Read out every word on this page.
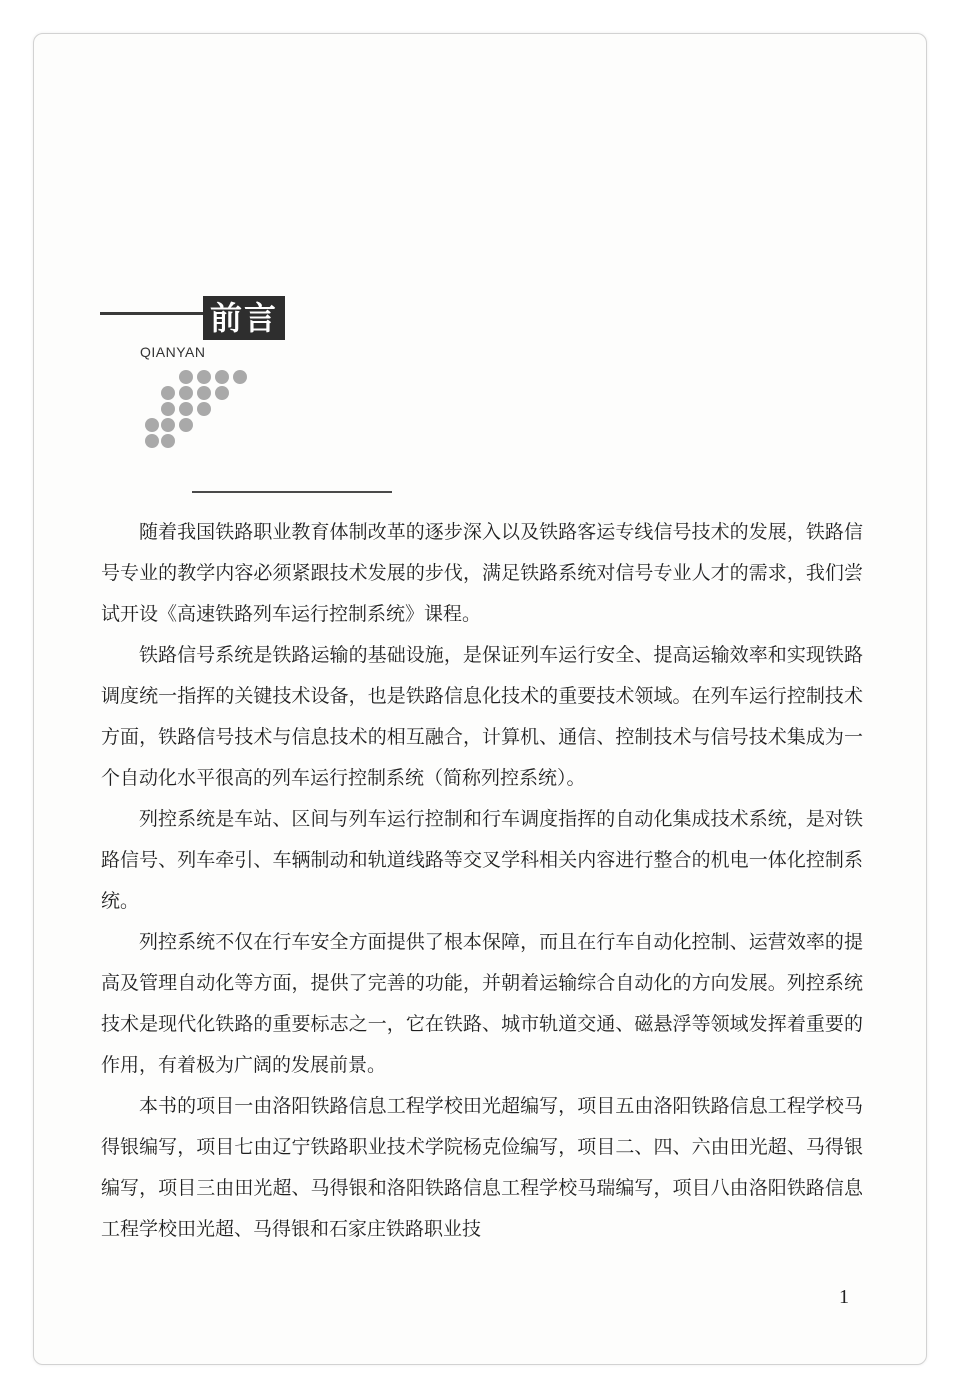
前言
QIANYAN

随着我国铁路职业教育体制改革的逐步深入以及铁路客运专线信号技术的发展，铁路信号专业的教学内容必须紧跟技术发展的步伐，满足铁路系统对信号专业人才的需求，我们尝试开设《高速铁路列车运行控制系统》课程。

铁路信号系统是铁路运输的基础设施，是保证列车运行安全、提高运输效率和实现铁路调度统一指挥的关键技术设备，也是铁路信息化技术的重要技术领域。在列车运行控制技术方面，铁路信号技术与信息技术的相互融合，计算机、通信、控制技术与信号技术集成为一个自动化水平很高的列车运行控制系统（简称列控系统）。

列控系统是车站、区间与列车运行控制和行车调度指挥的自动化集成技术系统，是对铁路信号、列车牵引、车辆制动和轨道线路等交叉学科相关内容进行整合的机电一体化控制系统。

列控系统不仅在行车安全方面提供了根本保障，而且在行车自动化控制、运营效率的提高及管理自动化等方面，提供了完善的功能，并朝着运输综合自动化的方向发展。列控系统技术是现代化铁路的重要标志之一，它在铁路、城市轨道交通、磁悬浮等领域发挥着重要的作用，有着极为广阔的发展前景。

本书的项目一由洛阳铁路信息工程学校田光超编写，项目五由洛阳铁路信息工程学校马得银编写，项目七由辽宁铁路职业技术学院杨克俭编写，项目二、四、六由田光超、马得银编写，项目三由田光超、马得银和洛阳铁路信息工程学校马瑞编写，项目八由洛阳铁路信息工程学校田光超、马得银和石家庄铁路职业技

1
